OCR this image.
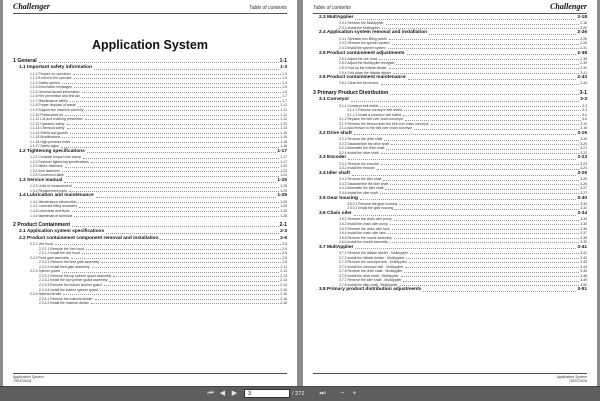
Challenger	Table of contents
Application System
1 General	1-1
1.1 Important safety information	1-3
1.1.1 Prepare for operation	1-3
1.1.2 A word to the operator	1-4
1.1.3 Safety symbol	1-4
1.1.4 Information messages	1-5
1.1.5 General hazard information	1-5
1.1.6 Fire prevention and first aid	1-7
1.1.7 Maintenance safety	1-7
1.1.8 Proper disposal of waste	1-11
1.1.9 Support the machine correctly	1-11
1.1.10 Pressurized air	1-11
1.1.11 Cut and crushing prevention	1-12
1.1.12 Hydraulic safety	1-12
1.1.13 Chemical safety	1-13
1.1.14 Shield and guards	1-15
1.1.15 Modifications	1-15
1.1.16 High pressure leaks	1-15
1.1.17 Safety signs	1-16
1.2 Tightening specifications	1-17
1.2.1 Constant torque hose clamp	1-17
1.2.2 Fastener tightening specifications	1-17
1.2.3 Metric fasteners	1-20
1.2.4 Inch fasteners	1-22
1.2.5 Conversion table	1-24
1.3 Service manual	1-25
1.3.1 Units of measurement	1-25
1.3.2 Replacement parts	1-25
1.4 Lubrication and maintenance	1-26
1.4.1 Maintenance introduction	1-26
1.4.2 Lubricant filling reminders	1-26
1.4.3 Lubricants and fluids	1-26
1.4.4 Maintenance schedule	1-28
2 Product Containment	2-1
2.1 Application system specifications	2-3
2.2 Product containment component removal and installation	2-6
2.2.1 Vee hood	2-6
2.2.1.1 Remove the Vee hood	2-6
2.2.1.2 Install the vee hood	2-6
2.2.2 Feed gate assembly	2-8
2.2.2.1 Remove the feed gate assembly	2-8
2.2.2.2 Install feed gate assembly	2-11
2.2.3 Spinner guard	2-13
2.2.3.1 Remove the top spinner guard assembly	2-13
2.2.3.2 Install the top spinner guard assembly	2-13
2.2.3.3 Remove the bottom spinner guard	2-14
2.2.3.4 Install the bottom spinner guard	2-15
2.2.4 Material divider	2-16
2.2.4.1 Remove the material divider	2-16
2.2.4.2 Install the material divider	2-16
Application System
79037262A
Table of contents	Challenger
2.3 MultApplier	2-18
2.3.1 Remove the MultApplier	2-18
2.3.2 Install the MultApplier	2-20
2.4 Application system removal and installation	2-26
2.4.1 Spreader box lifting points	2-26
2.4.2 Remove the spinner system	2-26
2.4.3 Install the spinner system	2-31
2.5 Product containment adjustments	2-38
2.5.1 Adjust the vee hood	2-38
2.5.2 Adjust the MultApplier feedgate	2-39
2.5.3 Fold up the hillside divider	2-40
2.5.4 Fold down the hillside divider	2-41
2.6 Product containment maintenance	2-43
2.6.1 Clean the bin sensor	2-43
3 Primary Product Distribution	3-1
3.1 Conveyor	3-3
3.1.1 Conveyor belt shield	3-3
3.1.1.1 Remove conveyor belt shield	3-3
3.1.1.2 Install a conveyor belt shield	3-4
3.1.2 Replace the belt over chain conveyor	3-6
3.1.3 Remove the tension from the belt over chain conveyor	3-10
3.1.4 Add tension to the belt over chain conveyor	3-16
3.2 Drive shaft	3-19
3.2.1 Remove the drive shaft	3-19
3.2.2 Disassemble the drive shaft	3-20
3.2.3 Assemble the drive shaft	3-21
3.2.4 Install the drive shaft	3-22
3.3 Encoder	3-23
3.3.1 Remove the encoder	3-23
3.3.2 Install the encoder	3-24
3.4 Idler shaft	3-25
3.4.1 Remove the idler shaft	3-25
3.4.2 Disassemble the idler shaft	3-26
3.4.3 Assemble the idler shaft	3-27
3.4.4 Install the idler shaft	3-27
3.5 Gear housing	3-30
3.5.0.1 Remove the gear housing	3-30
3.5.0.2 Install the gear housing	3-32
3.6 Chain oiler	3-34
3.6.1 Remove the chain oiler pump	3-34
3.6.2 Install the chain oiler pump	3-35
3.6.3 Remove the chain oiler tank	3-36
3.6.4 Install the chain oiler tank	3-37
3.6.5 Remove the nozzle assembly	3-38
3.6.6 Install the nozzle assembly	3-39
3.7 MultApplier	3-41
3.7.1 Remove the hillside divider - MultApplier	3-41
3.7.2 Install the hillside divider - MultApplier	3-42
3.7.3 Remove the conveyor belt - MultApplier	3-43
3.7.4 Install the conveyor belt - MultApplier	3-44
3.7.5 Remove the drive shaft - MultApplier	3-45
3.7.6 Install the drive shaft - MultApplier	3-46
3.7.7 Remove the idler shaft - MultApplier	3-49
3.7.8 Install the idler shaft - MultApplier	3-50
3.8 Primary product distribution adjustments	3-51
Application System
79037262A
⏮ ◀ ▶	3	/ 272 ⏭	−	+
